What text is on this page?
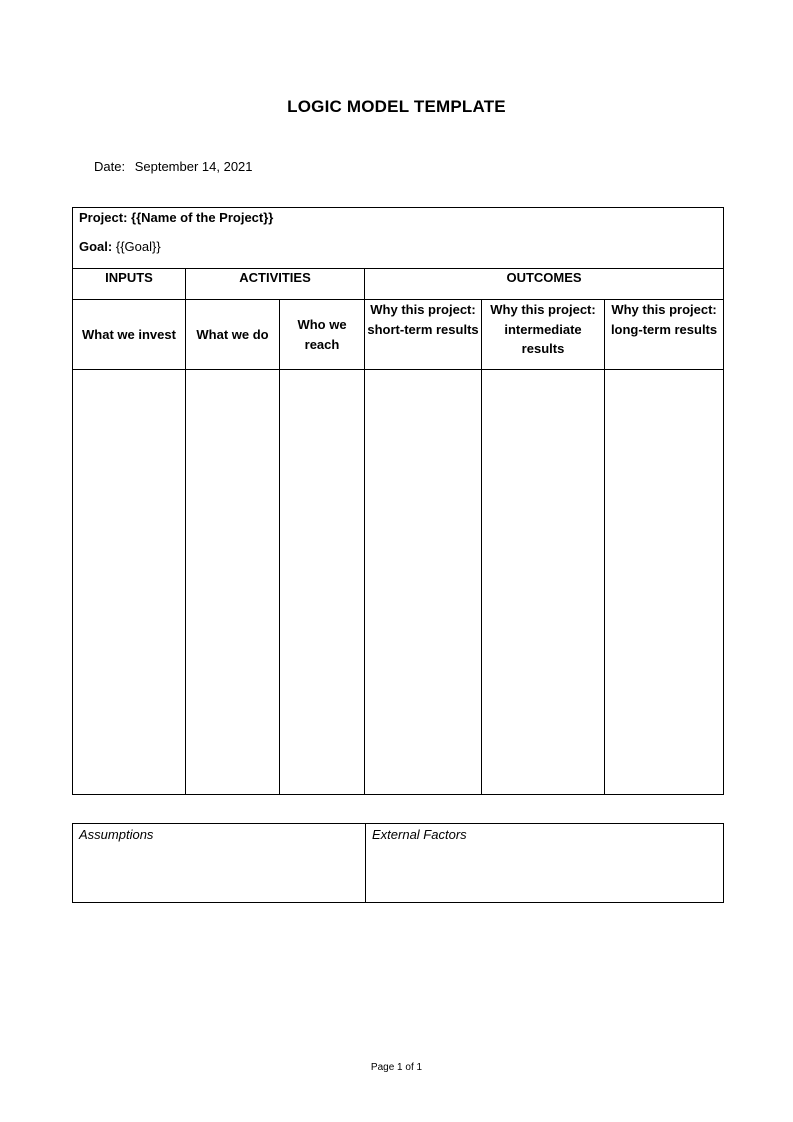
LOGIC MODEL TEMPLATE
Date: September 14, 2021
Project: {{Name of the Project}}
Goal: {{Goal}}					

INPUTS	ACTIVITIES		OUTCOMES		
What we invest	What we do	Who we reach	Why this project: short-term results	Why this project: intermediate results	Why this project: long-term results

Assumptions	External Factors
Page 1 of 1
